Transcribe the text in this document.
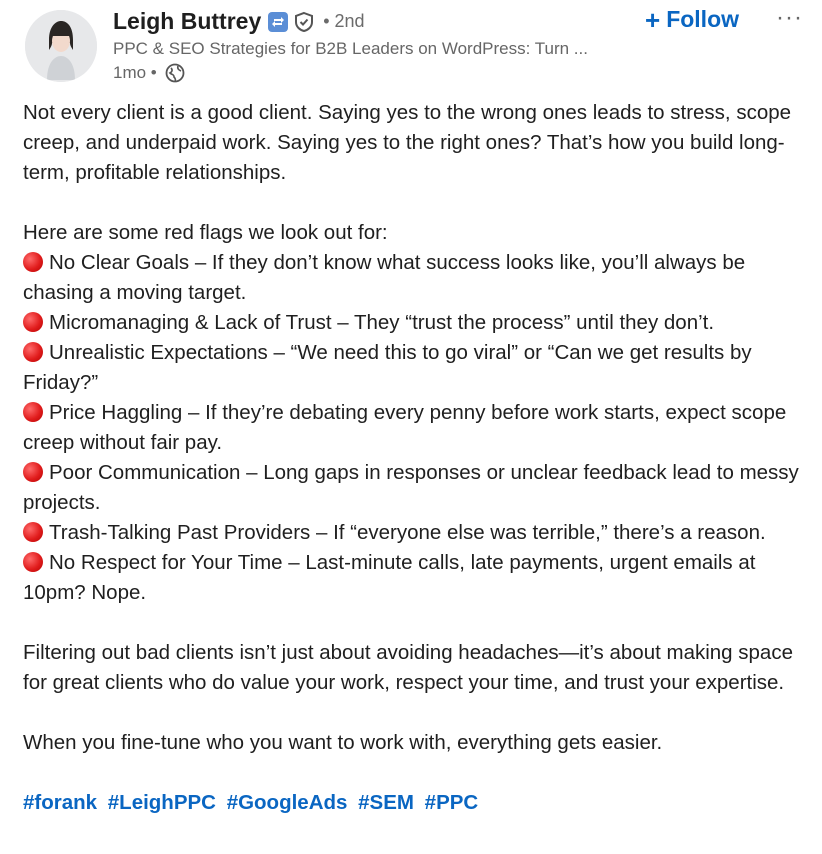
Leigh Buttrey	• 2nd
PPC & SEO Strategies for B2B Leaders on WordPress: Turn ...
1mo •
+ Follow ···

Not every client is a good client. Saying yes to the wrong ones leads to stress, scope creep, and underpaid work. Saying yes to the right ones? That’s how you build long-term, profitable relationships.

Here are some red flags we look out for:

No Clear Goals – If they don’t know what success looks like, you’ll always be chasing a moving target.
Micromanaging & Lack of Trust – They “trust the process” until they don’t.
Unrealistic Expectations – “We need this to go viral” or “Can we get results by Friday?”
Price Haggling – If they’re debating every penny before work starts, expect scope creep without fair pay.
Poor Communication – Long gaps in responses or unclear feedback lead to messy projects.
Trash-Talking Past Providers – If “everyone else was terrible,” there’s a reason.
No Respect for Your Time – Last-minute calls, late payments, urgent emails at 10pm? Nope.

Filtering out bad clients isn’t just about avoiding headaches—it’s about making space for great clients who do value your work, respect your time, and trust your expertise.

When you fine-tune who you want to work with, everything gets easier.

#forank #LeighPPC #GoogleAds #SEM #PPC
